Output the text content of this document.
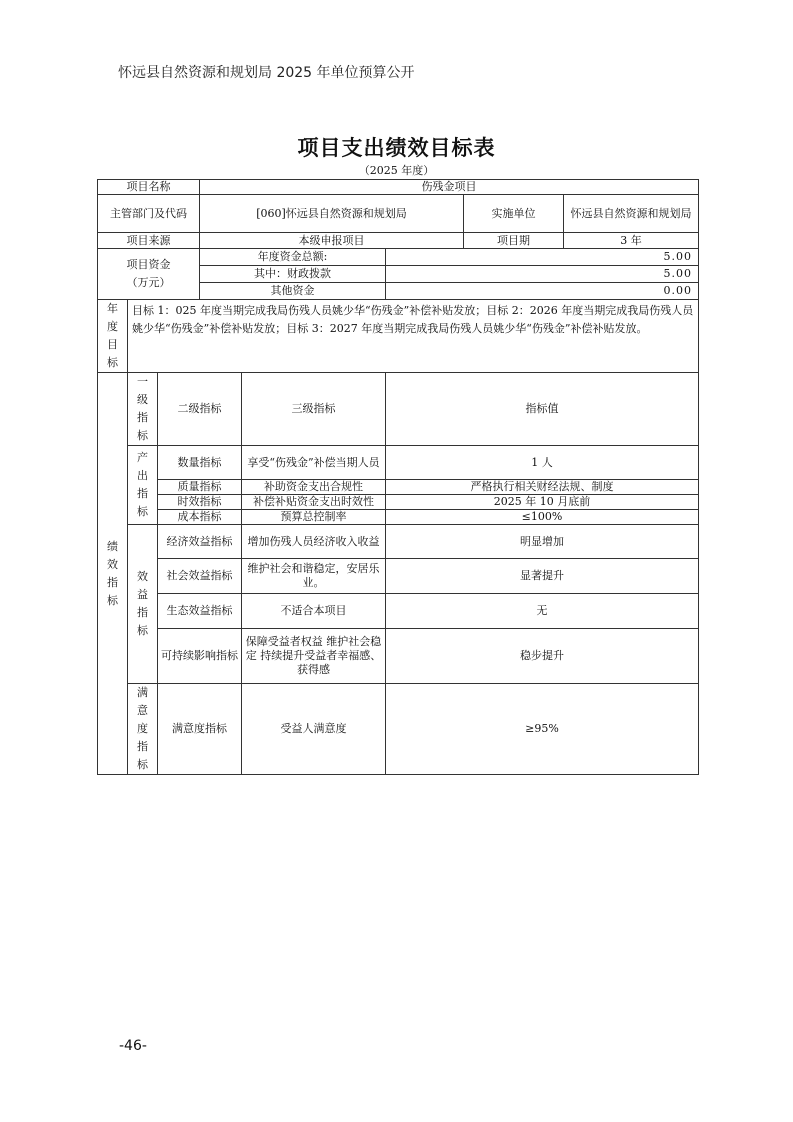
怀远县自然资源和规划局 2025 年单位预算公开
项目支出绩效目标表
（2025 年度）
项目名称			伤残金项目				
主管部门及代码			[060]怀远县自然资源和规划局			实施单位	怀远县自然资源和规划局
项目来源			本级申报项目			项目期	3 年
项目资金（万元）			年度资金总额:		5.00		
			其中：财政拨款		5.00		
			其他资金		0.00		

年度目标	目标 1：025 年度当期完成我局伤残人员姚少华“伤残金”补偿补贴发放；目标 2：2026 年度当期完成我局伤残人员姚少华“伤残金”补偿补贴发放；目标 3：2027 年度当期完成我局伤残人员姚少华“伤残金”补偿补贴发放。						

绩效指标	一级指标	二级指标		三级指标	指标值		

	产出指标	数量指标		享受“伤残金”补偿当期人员	1 人		
		质量指标		补助资金支出合规性	严格执行相关财经法规、制度		
		时效指标		补偿补贴资金支出时效性	2025 年 10 月底前		
		成本指标		预算总控制率	≤100%		

	效益指标	经济效益指标		增加伤残人员经济收入收益	明显增加		
		社会效益指标		维护社会和谐稳定，安居乐业。	显著提升		
		生态效益指标		不适合本项目	无		
		可持续影响指标		保障受益者权益 维护社会稳定 持续提升受益者幸福感、获得感	稳步提升		

	满意度指标	满意度指标		受益人满意度	≥95%		
-46-
